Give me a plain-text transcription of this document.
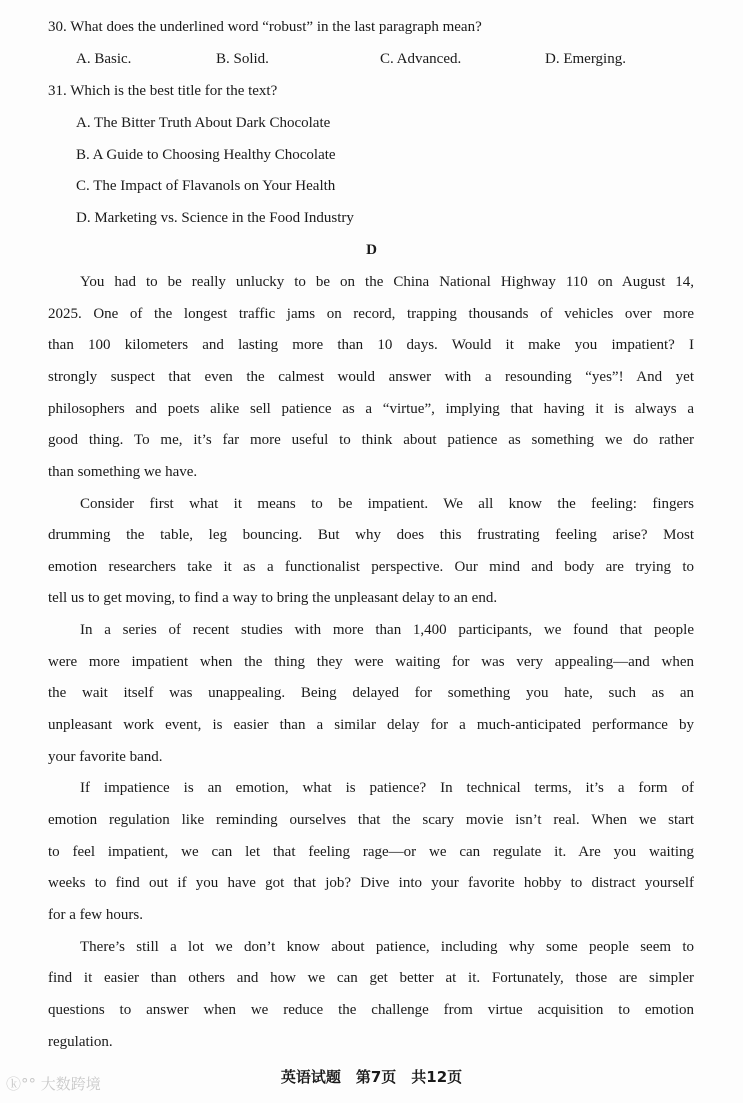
30. What does the underlined word “robust” in the last paragraph mean?
A. Basic.	B. Solid.	C. Advanced.	D. Emerging.
31. Which is the best title for the text?
A. The Bitter Truth About Dark Chocolate
B. A Guide to Choosing Healthy Chocolate
C. The Impact of Flavanols on Your Health
D. Marketing vs. Science in the Food Industry
D
You had to be really unlucky to be on the China National Highway 110 on August 14,
2025. One of the longest traffic jams on record, trapping thousands of vehicles over more
than 100 kilometers and lasting more than 10 days. Would it make you impatient? I
strongly suspect that even the calmest would answer with a resounding “yes”! And yet
philosophers and poets alike sell patience as a “virtue”, implying that having it is always a
good thing. To me, it’s far more useful to think about patience as something we do rather
than something we have.
Consider first what it means to be impatient. We all know the feeling: fingers
drumming the table, leg bouncing. But why does this frustrating feeling arise? Most
emotion researchers take it as a functionalist perspective. Our mind and body are trying to
tell us to get moving, to find a way to bring the unpleasant delay to an end.
In a series of recent studies with more than 1,400 participants, we found that people
were more impatient when the thing they were waiting for was very appealing—and when
the wait itself was unappealing. Being delayed for something you hate, such as an
unpleasant work event, is easier than a similar delay for a much-anticipated performance by
your favorite band.
If impatience is an emotion, what is patience? In technical terms, it’s a form of
emotion regulation like reminding ourselves that the scary movie isn’t real. When we start
to feel impatient, we can let that feeling rage—or we can regulate it. Are you waiting
weeks to find out if you have got that job? Dive into your favorite hobby to distract yourself
for a few hours.
There’s still a lot we don’t know about patience, including why some people seem to
find it easier than others and how we can get better at it. Fortunately, those are simpler
questions to answer when we reduce the challenge from virtue acquisition to emotion
regulation.
英语试题　第7页　共12页
ⓚ°° 大数跨境
